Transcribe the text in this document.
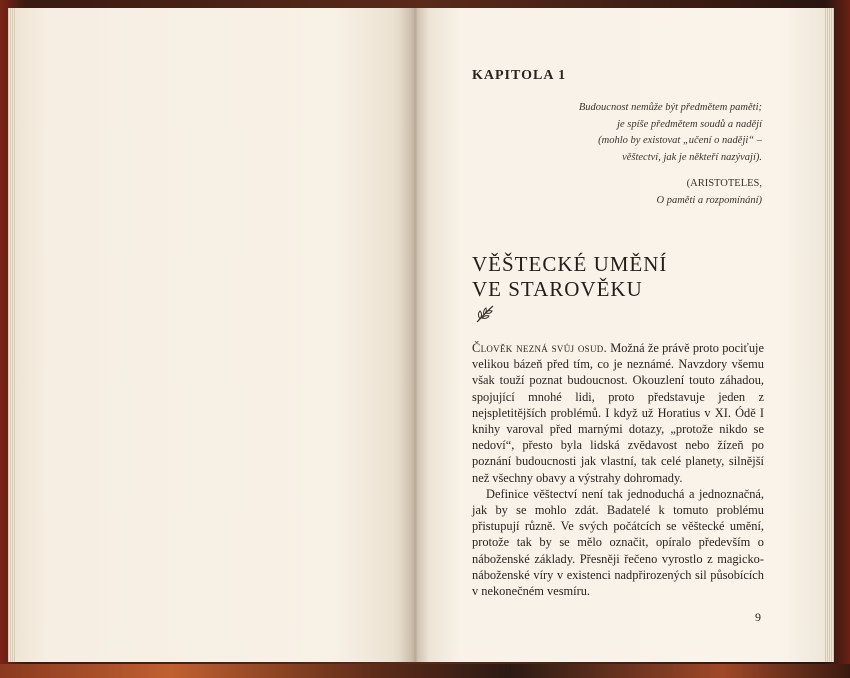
KAPITOLA 1
Budoucnost nemůže být předmětem paměti;
je spíše předmětem soudů a nadějí
(mohlo by existovat „učení o naději“ –
věštectví, jak je někteří nazývají).
(ARISTOTELES,
O paměti a rozpomínání)
VĚŠTECKÉ UMĚNÍ
VE STAROVĚKU

Člověk nezná svůj osud. Možná že právě proto pociťuje velikou bázeň před tím, co je neznámé. Navzdory všemu však touží poznat budoucnost. Okouzlení touto záhadou, spojující mnohé lidi, proto představuje jeden z nejspletitějších problémů. I když už Horatius v XI. Ódě I knihy varoval před marnými dotazy, „protože nikdo se nedoví“, přesto byla lidská zvědavost nebo žízeň po poznání budoucnosti jak vlastní, tak celé planety, silnější než všechny obavy a výstrahy dohromady.

Definice věštectví není tak jednoduchá a jednoznačná, jak by se mohlo zdát. Badatelé k tomuto problému přistupují různě. Ve svých počátcích se věštecké umění, protože tak by se mělo označit, opíralo především o náboženské základy. Přesněji řečeno vyrostlo z magicko-náboženské víry v existenci nadpřirozených sil působících v nekonečném vesmíru.

9
